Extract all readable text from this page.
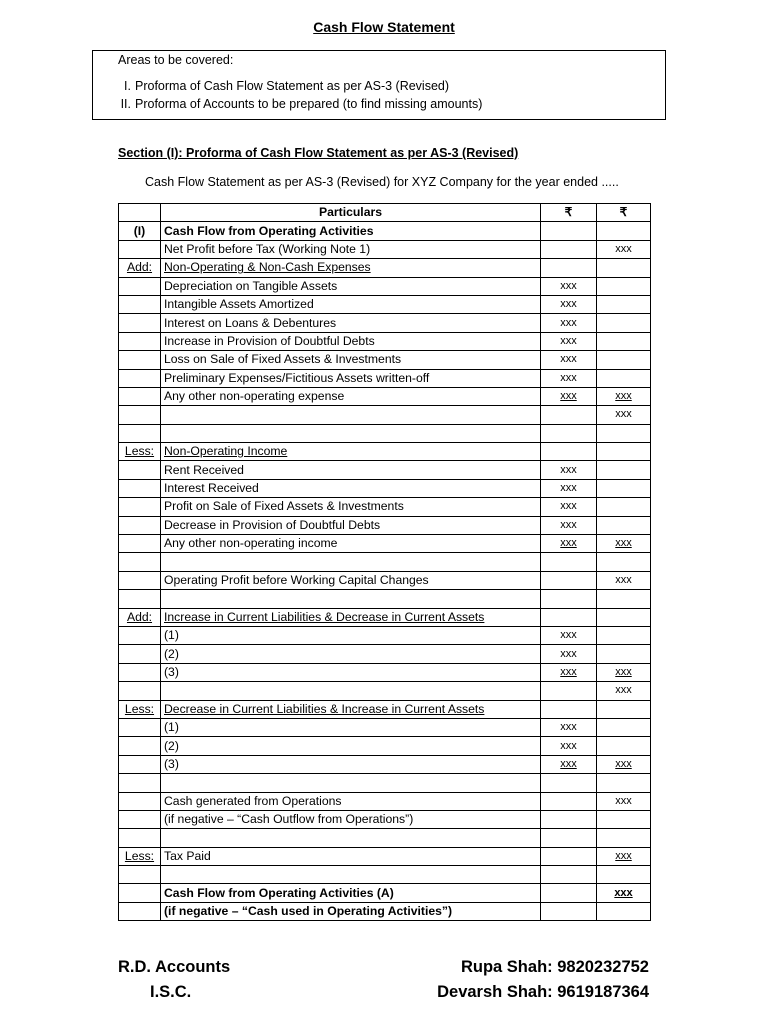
Cash Flow Statement
Areas to be covered:
I. Proforma of Cash Flow Statement as per AS-3 (Revised)
II. Proforma of Accounts to be prepared (to find missing amounts)
Section (I): Proforma of Cash Flow Statement as per AS-3 (Revised)
Cash Flow Statement as per AS-3 (Revised) for XYZ Company for the year ended .....
	Particulars	₹	₹
(I)	Cash Flow from Operating Activities		
	Net Profit before Tax (Working Note 1)		xxx
Add:	Non-Operating & Non-Cash Expenses		
	Depreciation on Tangible Assets	xxx	
	Intangible Assets Amortized	xxx	
	Interest on Loans & Debentures	xxx	
	Increase in Provision of Doubtful Debts	xxx	
	Loss on Sale of Fixed Assets & Investments	xxx	
	Preliminary Expenses/Fictitious Assets written-off	xxx	
	Any other non-operating expense	xxx	xxx
			xxx

Less:	Non-Operating Income		
	Rent Received	xxx	
	Interest Received	xxx	
	Profit on Sale of Fixed Assets & Investments	xxx	
	Decrease in Provision of Doubtful Debts	xxx	
	Any other non-operating income	xxx	xxx

	Operating Profit before Working Capital Changes		xxx

Add:	Increase in Current Liabilities & Decrease in Current Assets		
	(1)	xxx	
	(2)	xxx	
	(3)	xxx	xxx
			xxx
Less:	Decrease in Current Liabilities & Increase in Current Assets		
	(1)	xxx	
	(2)	xxx	
	(3)	xxx	xxx

	Cash generated from Operations		xxx
	(if negative – “Cash Outflow from Operations”)		

Less:	Tax Paid		xxx

	Cash Flow from Operating Activities (A)		xxx
	(if negative – “Cash used in Operating Activities”)		
R.D. Accounts
I.S.C.
Rupa Shah: 9820232752
Devarsh Shah: 9619187364
